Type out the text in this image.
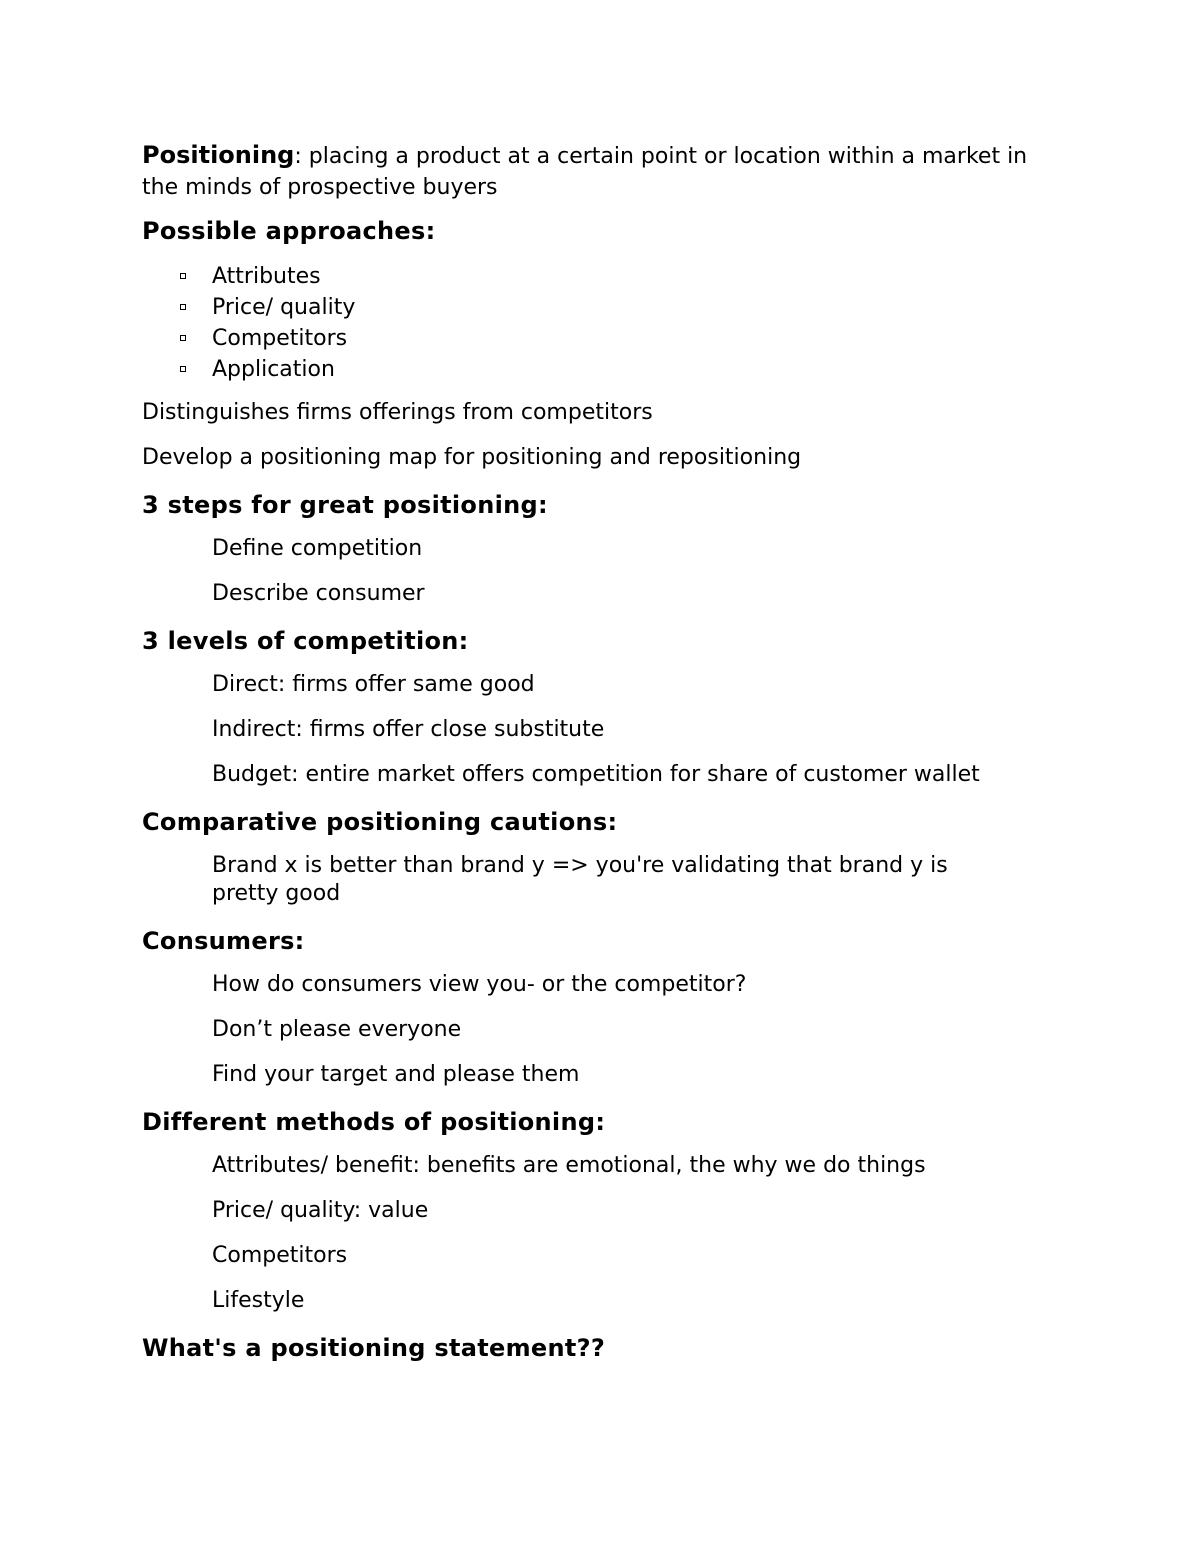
Positioning: placing a product at a certain point or location within a market in the minds of prospective buyers

Possible approaches:
Attributes
Price/ quality
Competitors
Application

Distinguishes firms offerings from competitors

Develop a positioning map for positioning and repositioning

3 steps for great positioning:

Define competition

Describe consumer

3 levels of competition:

Direct: firms offer same good

Indirect: firms offer close substitute

Budget: entire market offers competition for share of customer wallet

Comparative positioning cautions:

Brand x is better than brand y => you're validating that brand y is pretty good

Consumers:

How do consumers view you- or the competitor?

Don’t please everyone

Find your target and please them

Different methods of positioning:

Attributes/ benefit: benefits are emotional, the why we do things

Price/ quality: value

Competitors

Lifestyle

What's a positioning statement??
